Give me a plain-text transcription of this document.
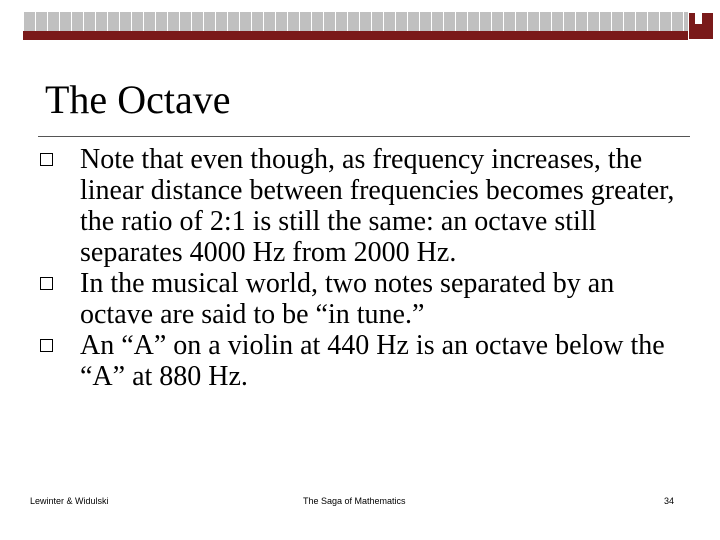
The Octave
Note that even though, as frequency increases, the linear distance between frequencies becomes greater, the ratio of 2:1 is still the same: an octave still separates 4000 Hz from 2000 Hz.
In the musical world, two notes separated by an octave are said to be “in tune.”
An “A” on a violin at 440 Hz is an octave below the “A” at 880 Hz.
Lewinter & Widulski	The Saga of Mathematics	34
